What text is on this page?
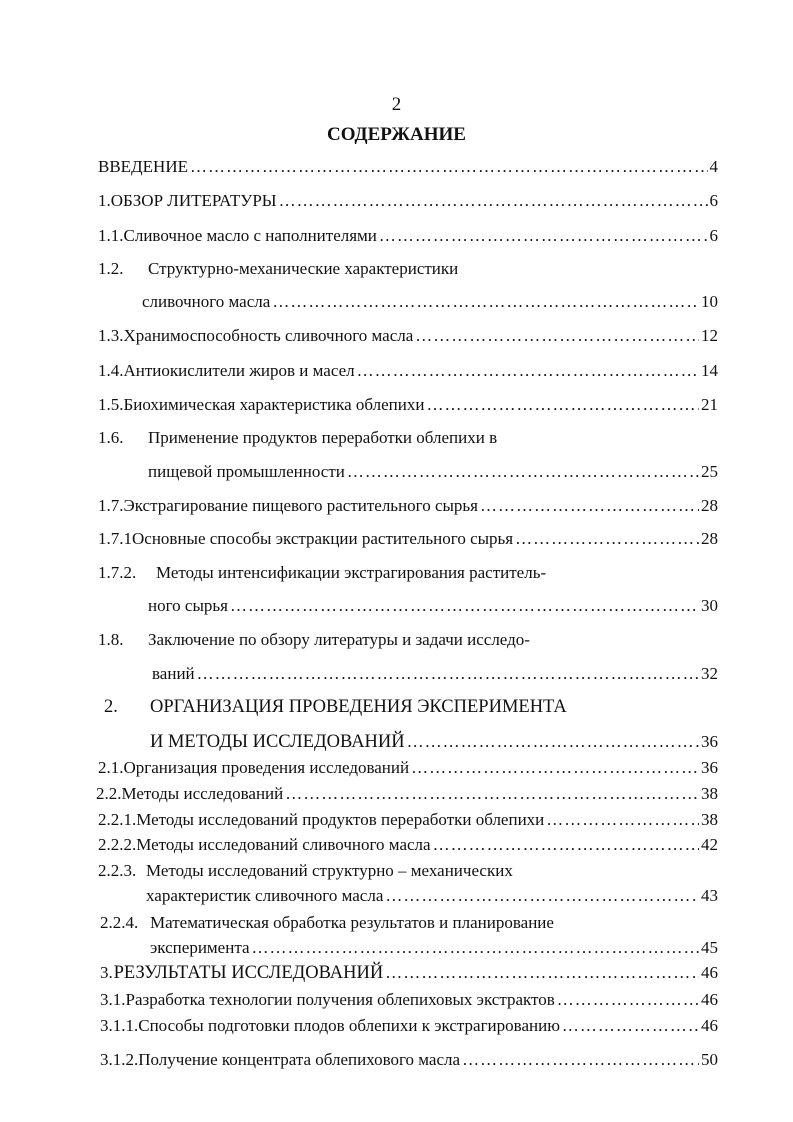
2
СОДЕРЖАНИЕ
ВВЕДЕНИЕ …………………………………………………………………………………………………………………………………………………………………………	4
1. ОБЗОР ЛИТЕРАТУРЫ …………………………………………………………………………………………………………………………………………………………………………	6
1.1. Сливочное масло с наполнителями …………………………………………………………………………………………………………………………………………………………………………	6
1.2.	Структурно-механические характеристики
сливочного масла …………………………………………………………………………………………………………………………………………………………………………	10
1.3. Хранимоспособность сливочного масла …………………………………………………………………………………………………………………………………………………………………………	12
1.4. Антиокислители жиров и масел …………………………………………………………………………………………………………………………………………………………………………	14
1.5. Биохимическая характеристика облепихи …………………………………………………………………………………………………………………………………………………………………………	21
1.6.	Применение продуктов переработки облепихи в
пищевой промышленности …………………………………………………………………………………………………………………………………………………………………………	25
1.7. Экстрагирование пищевого растительного сырья …………………………………………………………………………………………………………………………………………………………………………	28
1.7.1 Основные способы экстракции растительного сырья …………………………………………………………………………………………………………………………………………………………………………	28
1.7.2.	Методы интенсификации экстрагирования раститель-
ного сырья …………………………………………………………………………………………………………………………………………………………………………	30
1.8.	Заключение по обзору литературы и задачи исследо-
ваний …………………………………………………………………………………………………………………………………………………………………………	32
2.	ОРГАНИЗАЦИЯ ПРОВЕДЕНИЯ ЭКСПЕРИМЕНТА
И МЕТОДЫ ИССЛЕДОВАНИЙ …………………………………………………………………………………………………………………………………………………………………………	36
2.1. Организация проведения исследований …………………………………………………………………………………………………………………………………………………………………………	36
2.2. Методы исследований …………………………………………………………………………………………………………………………………………………………………………	38
2.2.1. Методы исследований продуктов переработки облепихи …………………………………………………………………………………………………………………………………………………………………………	38
2.2.2. Методы исследований сливочного масла …………………………………………………………………………………………………………………………………………………………………………	42
2.2.3. Методы исследований структурно – механических
характеристик сливочного масла …………………………………………………………………………………………………………………………………………………………………………	43
2.2.4. Математическая обработка результатов и планирование
эксперимента …………………………………………………………………………………………………………………………………………………………………………	45
3. РЕЗУЛЬТАТЫ ИССЛЕДОВАНИЙ …………………………………………………………………………………………………………………………………………………………………………	46
3.1. Разработка технологии получения облепиховых экстрактов …………………………………………………………………………………………………………………………………………………………………………	46
3.1.1. Способы подготовки плодов облепихи к экстрагированию …………………………………………………………………………………………………………………………………………………………………………	46
3.1.2. Получение концентрата облепихового масла …………………………………………………………………………………………………………………………………………………………………………	50
